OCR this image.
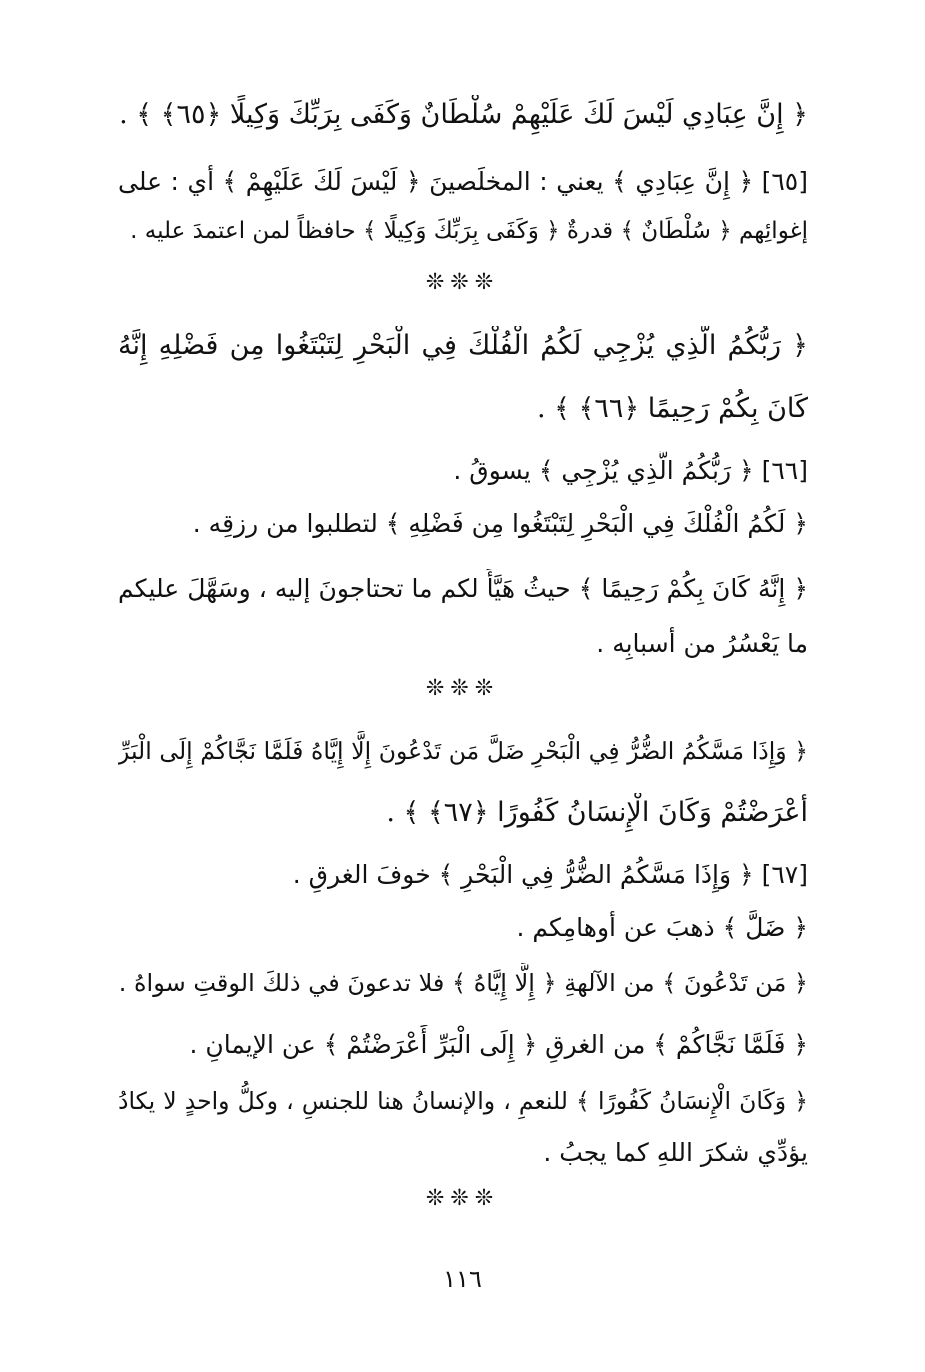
﴿ إِنَّ عِبَادِي لَيْسَ لَكَ عَلَيْهِمْ سُلْطَانٌ وَكَفَى بِرَبِّكَ وَكِيلًا ﴿٦٥﴾ ﴾ .
[٦٥] ﴿ إِنَّ عِبَادِي ﴾ يعني : المخلَصينَ ﴿ لَيْسَ لَكَ عَلَيْهِمْ ﴾ أي : على
إغوائِهم ﴿ سُلْطَانٌ ﴾ قدرةٌ ﴿ وَكَفَى بِرَبِّكَ وَكِيلًا ﴾ حافظاً لمن اعتمدَ عليه .
❊❊❊
﴿ رَبُّكُمُ الَّذِي يُزْجِي لَكُمُ الْفُلْكَ فِي الْبَحْرِ لِتَبْتَغُوا مِن فَضْلِهِ إِنَّهُ
كَانَ بِكُمْ رَحِيمًا ﴿٦٦﴾ ﴾ .
[٦٦] ﴿ رَبُّكُمُ الَّذِي يُزْجِي ﴾ يسوقُ .
﴿ لَكُمُ الْفُلْكَ فِي الْبَحْرِ لِتَبْتَغُوا مِن فَضْلِهِ ﴾ لتطلبوا من رزقِه .
﴿ إِنَّهُ كَانَ بِكُمْ رَحِيمًا ﴾ حيثُ هَيَّأَ لكم ما تحتاجونَ إليه ، وسَهَّلَ عليكم
ما يَعْسُرُ من أسبابِه .
❊❊❊
﴿ وَإِذَا مَسَّكُمُ الضُّرُّ فِي الْبَحْرِ ضَلَّ مَن تَدْعُونَ إِلَّا إِيَّاهُ فَلَمَّا نَجَّاكُمْ إِلَى الْبَرِّ
أَعْرَضْتُمْ وَكَانَ الْإِنسَانُ كَفُورًا ﴿٦٧﴾ ﴾ .
[٦٧] ﴿ وَإِذَا مَسَّكُمُ الضُّرُّ فِي الْبَحْرِ ﴾ خوفَ الغرقِ .
﴿ ضَلَّ ﴾ ذهبَ عن أوهامِكم .
﴿ مَن تَدْعُونَ ﴾ من الآلهةِ ﴿ إِلَّا إِيَّاهُ ﴾ فلا تدعونَ في ذلكَ الوقتِ سواهُ .
﴿ فَلَمَّا نَجَّاكُمْ ﴾ من الغرقِ ﴿ إِلَى الْبَرِّ أَعْرَضْتُمْ ﴾ عن الإيمانِ .
﴿ وَكَانَ الْإِنسَانُ كَفُورًا ﴾ للنعمِ ، والإنسانُ هنا للجنسِ ، وكلُّ واحدٍ لا يكادُ
يؤدِّي شكرَ اللهِ كما يجبُ .
❊❊❊
١١٦
